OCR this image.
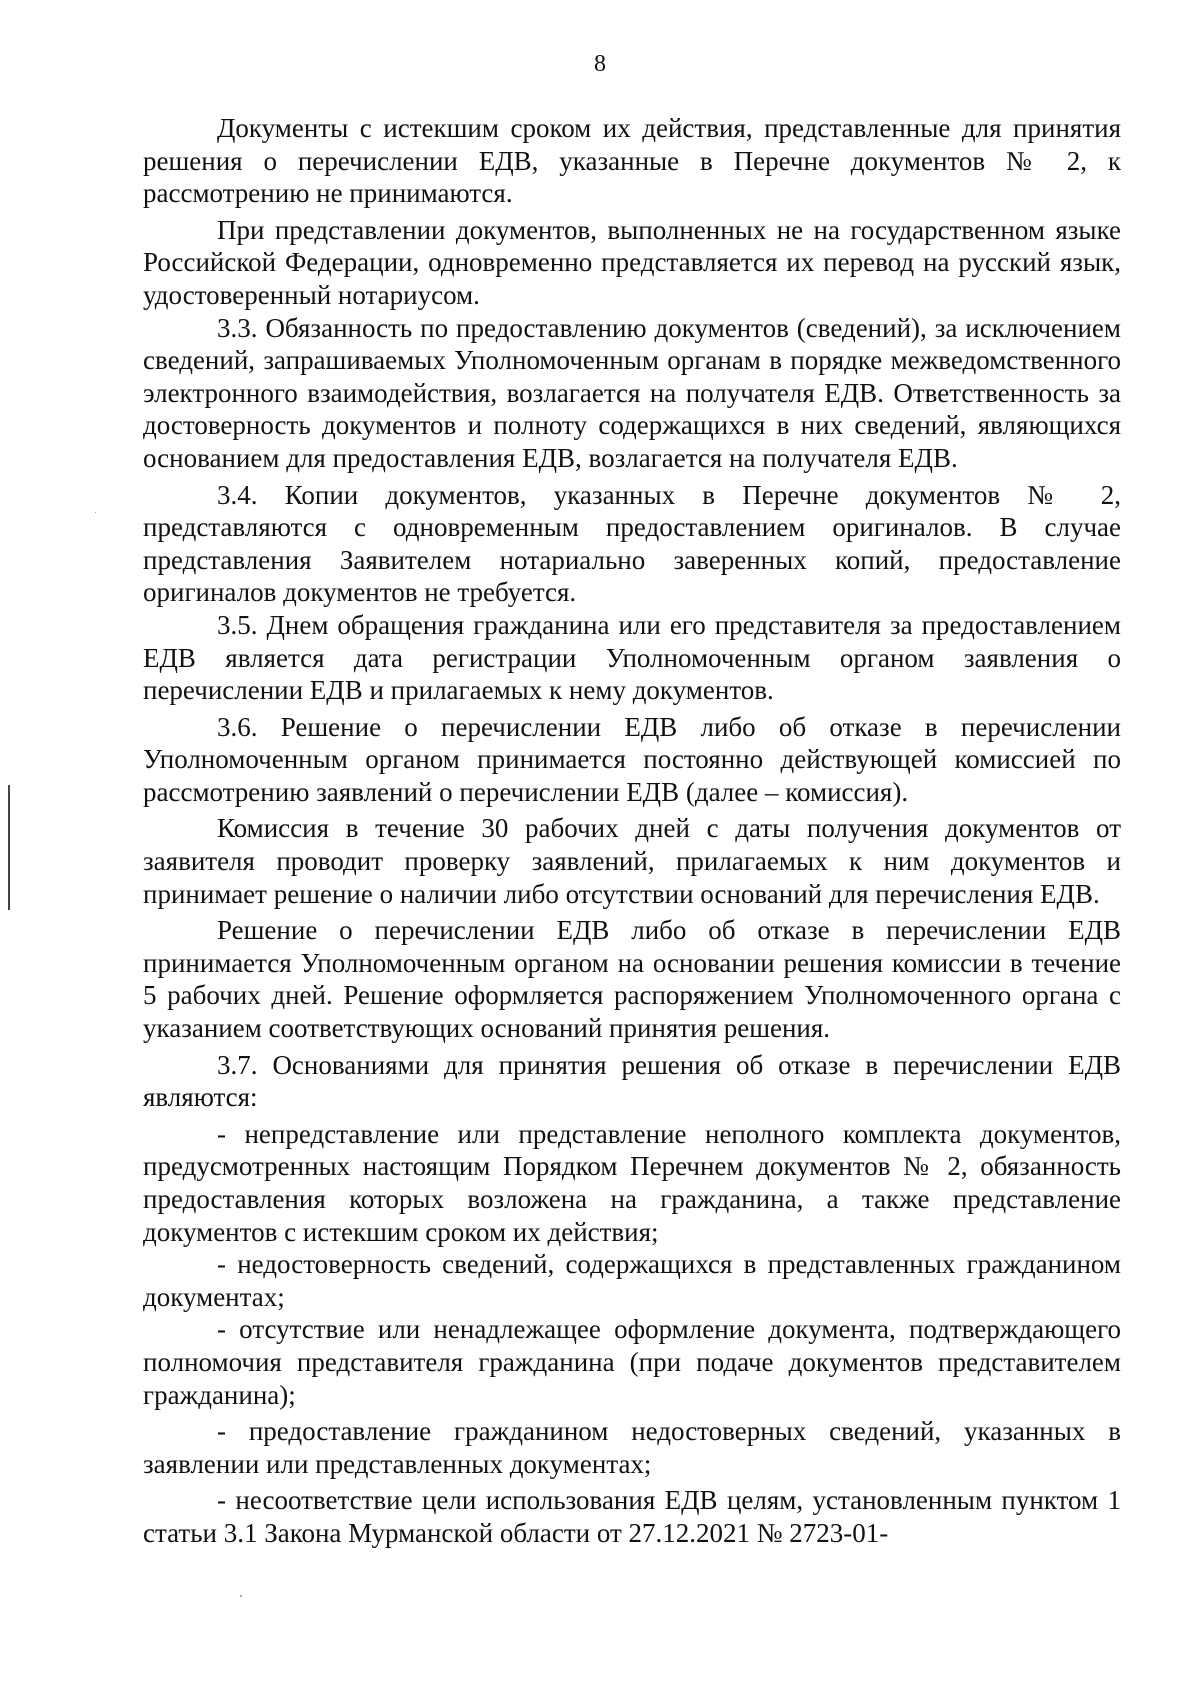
8

Документы с истекшим сроком их действия, представленные для принятия решения о перечислении ЕДВ, указанные в Перечне документов № 2, к рассмотрению не принимаются.

При представлении документов, выполненных не на государственном языке Российской Федерации, одновременно представляется их перевод на русский язык, удостоверенный нотариусом.

3.3. Обязанность по предоставлению документов (сведений), за исключением сведений, запрашиваемых Уполномоченным органам в порядке межведомственного электронного взаимодействия, возлагается на получателя ЕДВ. Ответственность за достоверность документов и полноту содержащихся в них сведений, являющихся основанием для предоставления ЕДВ, возлагается на получателя ЕДВ.

3.4. Копии документов, указанных в Перечне документов № 2, представляются с одновременным предоставлением оригиналов. В случае представления Заявителем нотариально заверенных копий, предоставление оригиналов документов не требуется.

3.5. Днем обращения гражданина или его представителя за предоставлением ЕДВ является дата регистрации Уполномоченным органом заявления о перечислении ЕДВ и прилагаемых к нему документов.

3.6. Решение о перечислении ЕДВ либо об отказе в перечислении Уполномоченным органом принимается постоянно действующей комиссией по рассмотрению заявлений о перечислении ЕДВ (далее – комиссия).

Комиссия в течение 30 рабочих дней с даты получения документов от заявителя проводит проверку заявлений, прилагаемых к ним документов и принимает решение о наличии либо отсутствии оснований для перечисления ЕДВ.

Решение о перечислении ЕДВ либо об отказе в перечислении ЕДВ принимается Уполномоченным органом на основании решения комиссии в течение 5 рабочих дней. Решение оформляется распоряжением Уполномоченного органа с указанием соответствующих оснований принятия решения.

3.7. Основаниями для принятия решения об отказе в перечислении ЕДВ являются:

- непредставление или представление неполного комплекта документов, предусмотренных настоящим Порядком Перечнем документов № 2, обязанность предоставления которых возложена на гражданина, а также представление документов с истекшим сроком их действия;

- недостоверность сведений, содержащихся в представленных гражданином документах;

- отсутствие или ненадлежащее оформление документа, подтверждающего полномочия представителя гражданина (при подаче документов представителем гражданина);

- предоставление гражданином недостоверных сведений, указанных в заявлении или представленных документах;

- несоответствие цели использования ЕДВ целям, установленным пунктом 1 статьи 3.1 Закона Мурманской области от 27.12.2021 № 2723-01-
